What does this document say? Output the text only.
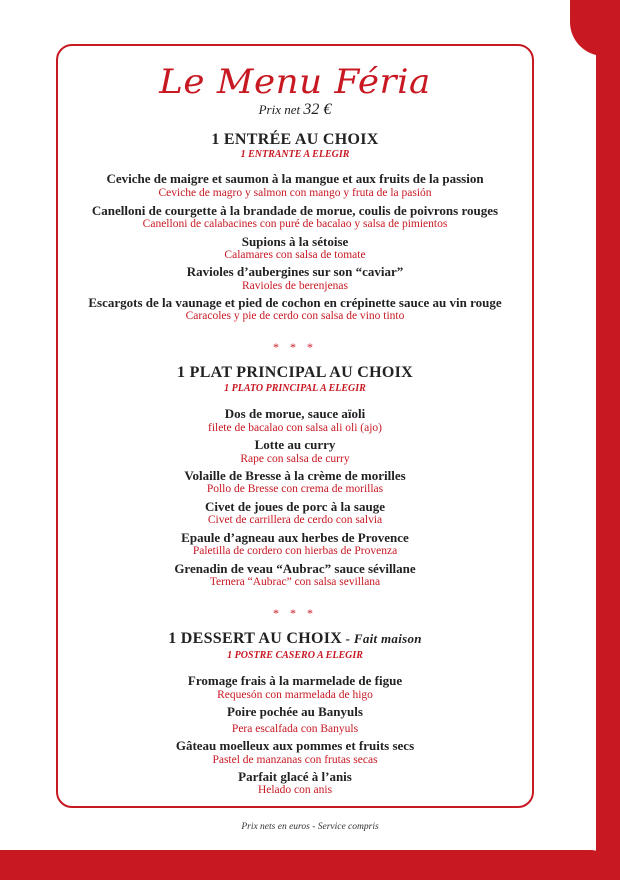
Le Menu Féria
Prix net 32 €
1 ENTRÉE AU CHOIX
1 ENTRANTE A ELEGIR
Ceviche de maigre et saumon à la mangue et aux fruits de la passion
Ceviche de magro y salmon con mango y fruta de la pasión
Canelloni de courgette à la brandade de morue, coulis de poivrons rouges
Canelloni de calabacines con puré de bacalao y salsa de pimientos
Supions à la sétoise
Calamares con salsa de tomate
Ravioles d’aubergines sur son “caviar”
Ravioles de berenjenas
Escargots de la vaunage et pied de cochon en crépinette sauce au vin rouge
Caracoles y pie de cerdo con salsa de vino tinto
* * *
1 PLAT PRINCIPAL AU CHOIX
1 PLATO PRINCIPAL A ELEGIR
Dos de morue, sauce aïoli
filete de bacalao con salsa ali oli (ajo)
Lotte au curry
Rape con salsa de curry
Volaille de Bresse à la crème de morilles
Pollo de Bresse con crema de morillas
Civet de joues de porc à la sauge
Civet de carrillera de cerdo con salvia
Epaule d’agneau aux herbes de Provence
Paletilla de cordero con hierbas de Provenza
Grenadin de veau “Aubrac” sauce sévillane
Ternera “Aubrac” con salsa sevillana
* * *
1 DESSERT AU CHOIX - Fait maison
1 POSTRE CASERO A ELEGIR
Fromage frais à la marmelade de figue
Requesón con marmelada de higo
Poire pochée au Banyuls
Pera escalfada con Banyuls
Gâteau moelleux aux pommes et fruits secs
Pastel de manzanas con frutas secas
Parfait glacé à l’anis
Helado con anis
Prix nets en euros - Service compris
